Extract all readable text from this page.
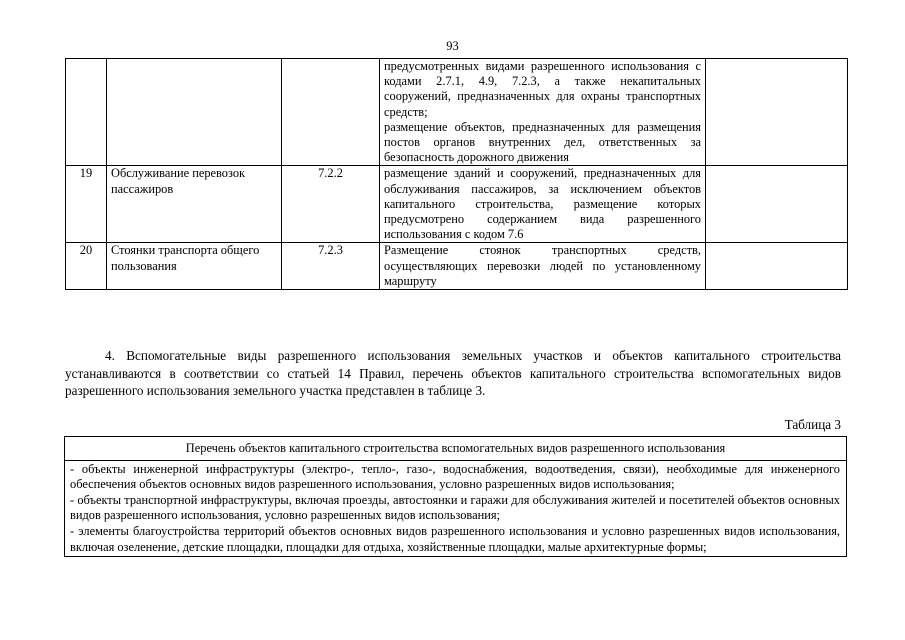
93

			предусмотренных видами разрешенного использования с кодами 2.7.1, 4.9, 7.2.3, а также некапитальных сооружений, предназначенных для охраны транспортных средств;

размещение объектов, предназначенных для размещения постов органов внутренних дел, ответственных за безопасность дорожного движения	

19	Обслуживание перевозок пассажиров	7.2.2	размещение зданий и сооружений, предназначенных для обслуживания пассажиров, за исключением объектов капитального строительства, размещение которых предусмотрено содержанием вида разрешенного использования с кодом 7.6	

20	Стоянки транспорта общего пользования	7.2.3	Размещение стоянок транспортных средств, осуществляющих перевозки людей по установленному маршруту	

4. Вспомогательные виды разрешенного использования земельных участков и объектов капитального строительства устанавливаются в соответствии со статьей 14 Правил, перечень объектов капитального строительства вспомогательных видов разрешенного использования земельного участка представлен в таблице 3.

Таблица 3
Перечень объектов капитального строительства вспомогательных видов разрешенного использования

- объекты инженерной инфраструктуры (электро-, тепло-, газо-, водоснабжения, водоотведения, связи), необходимые для инженерного обеспечения объектов основных видов разрешенного использования, условно разрешенных видов использования;

- объекты транспортной инфраструктуры, включая проезды, автостоянки и гаражи для обслуживания жителей и посетителей объектов основных видов разрешенного использования, условно разрешенных видов использования;

- элементы благоустройства территорий объектов основных видов разрешенного использования и условно разрешенных видов использования, включая озеленение, детские площадки, площадки для отдыха, хозяйственные площадки, малые архитектурные формы;
